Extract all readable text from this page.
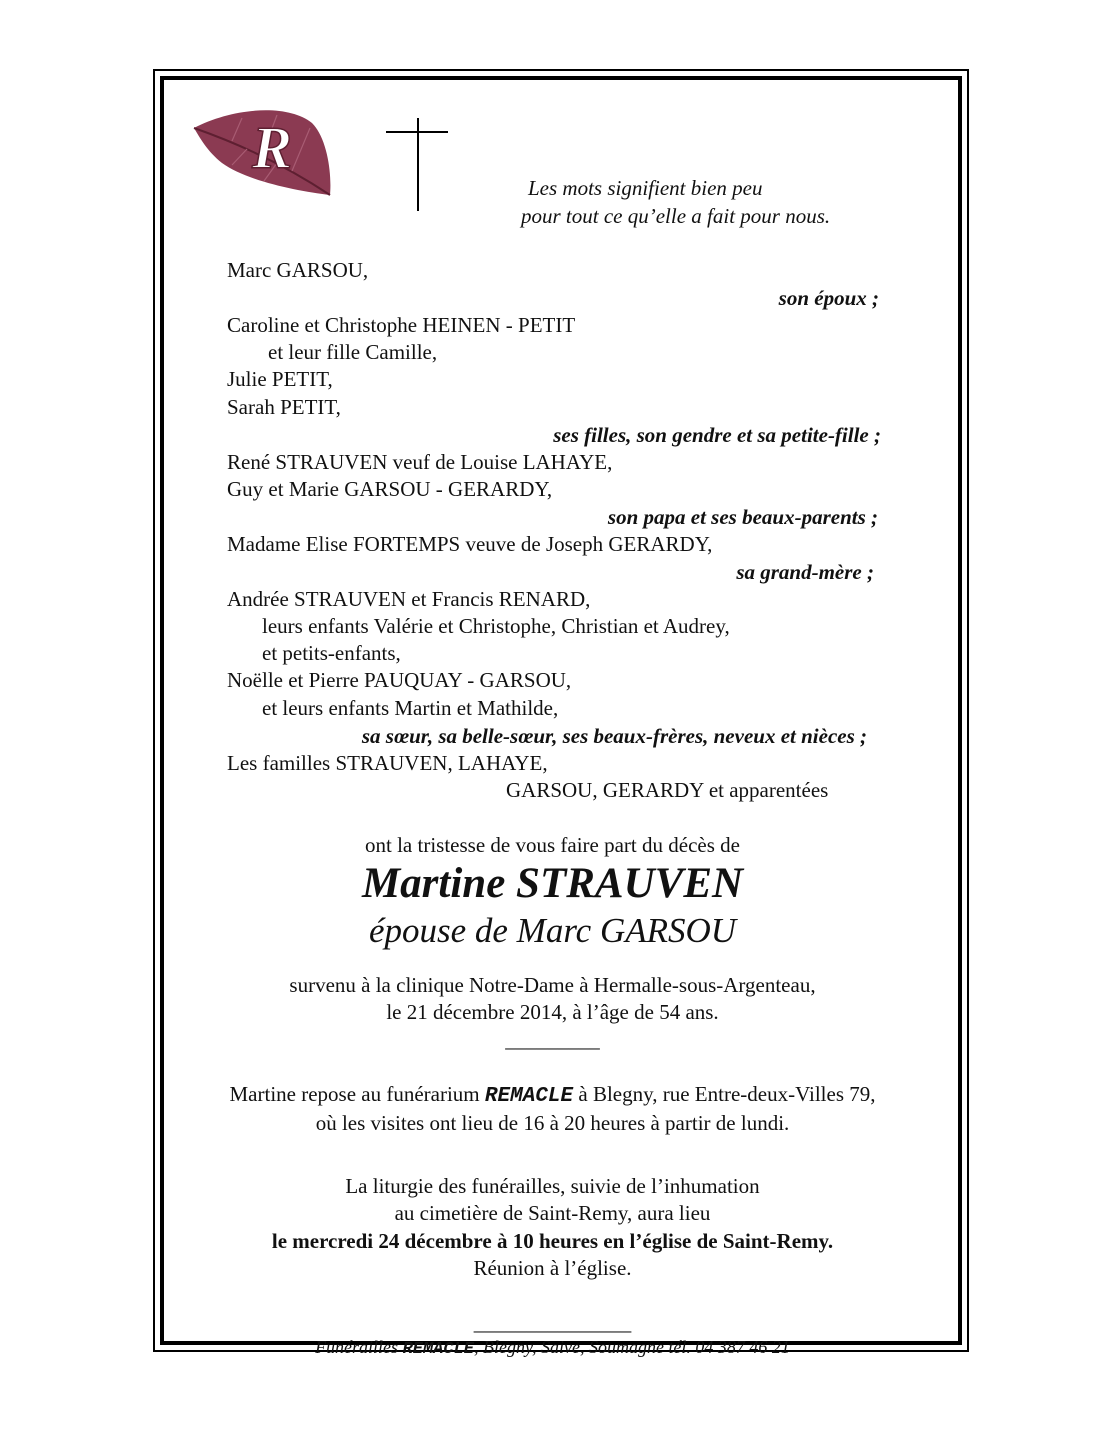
R
Les mots signifient bien peu
pour tout ce qu’elle a fait pour nous.
Marc GARSOU,
son époux ;
Caroline et Christophe HEINEN - PETIT
et leur fille Camille,
Julie PETIT,
Sarah PETIT,
ses filles, son gendre et sa petite-fille ;
René STRAUVEN veuf de Louise LAHAYE,
Guy et Marie GARSOU - GERARDY,
son papa et ses beaux-parents ;
Madame Elise FORTEMPS veuve de Joseph GERARDY,
sa grand-mère ;
Andrée STRAUVEN et Francis RENARD,
leurs enfants Valérie et Christophe, Christian et Audrey,
et petits-enfants,
Noëlle et Pierre PAUQUAY - GARSOU,
et leurs enfants Martin et Mathilde,
sa sœur, sa belle-sœur, ses beaux-frères, neveux et nièces ;
Les familles STRAUVEN, LAHAYE,
GARSOU, GERARDY et apparentées
ont la tristesse de vous faire part du décès de
Martine STRAUVEN
épouse de Marc GARSOU
survenu à la clinique Notre-Dame à Hermalle-sous-Argenteau,
le 21 décembre 2014, à l’âge de 54 ans.
_________
Martine repose au funérarium REMACLE à Blegny, rue Entre-deux-Villes 79,
où les visites ont lieu de 16 à 20 heures à partir de lundi.
La liturgie des funérailles, suivie de l’inhumation
au cimetière de Saint-Remy, aura lieu
le mercredi 24 décembre à 10 heures en l’église de Saint-Remy.
Réunion à l’église.
_______________
Funérailles REMACLE, Blegny, Saive, Soumagne tél. 04 387 46 21
